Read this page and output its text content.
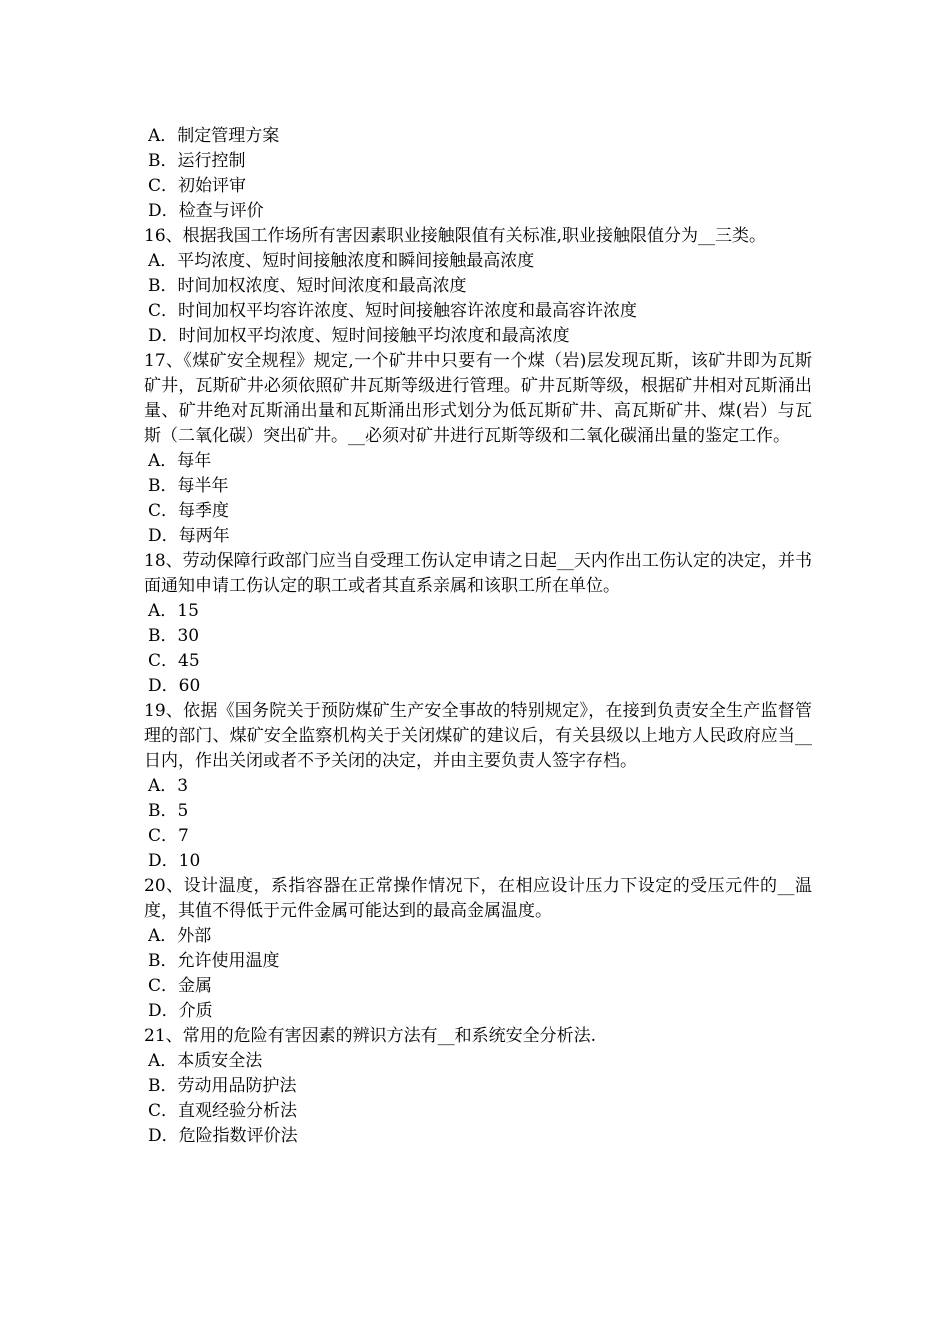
A．制定管理方案
B．运行控制
C．初始评审
D．检查与评价
16、根据我国工作场所有害因素职业接触限值有关标准,职业接触限值分为__三类。
A．平均浓度、短时间接触浓度和瞬间接触最高浓度
B．时间加权浓度、短时间浓度和最高浓度
C．时间加权平均容许浓度、短时间接触容许浓度和最高容许浓度
D．时间加权平均浓度、短时间接触平均浓度和最高浓度
17、《煤矿安全规程》规定,一个矿井中只要有一个煤（岩)层发现瓦斯，该矿井即为瓦斯矿井，瓦斯矿井必须依照矿井瓦斯等级进行管理。矿井瓦斯等级，根据矿井相对瓦斯涌出量、矿井绝对瓦斯涌出量和瓦斯涌出形式划分为低瓦斯矿井、高瓦斯矿井、煤(岩）与瓦斯（二氧化碳）突出矿井。__必须对矿井进行瓦斯等级和二氧化碳涌出量的鉴定工作。
A．每年
B．每半年
C．每季度
D．每两年
18、劳动保障行政部门应当自受理工伤认定申请之日起__天内作出工伤认定的决定，并书面通知申请工伤认定的职工或者其直系亲属和该职工所在单位。
A．15
B．30
C．45
D．60
19、依据《国务院关于预防煤矿生产安全事故的特别规定》，在接到负责安全生产监督管理的部门、煤矿安全监察机构关于关闭煤矿的建议后，有关县级以上地方人民政府应当__日内，作出关闭或者不予关闭的决定，并由主要负责人签字存档。
A．3
B．5
C．7
D．10
20、设计温度，系指容器在正常操作情况下，在相应设计压力下设定的受压元件的__温度，其值不得低于元件金属可能达到的最高金属温度。
A．外部
B．允许使用温度
C．金属
D．介质
21、常用的危险有害因素的辨识方法有__和系统安全分析法.
A．本质安全法
B．劳动用品防护法
C．直观经验分析法
D．危险指数评价法
